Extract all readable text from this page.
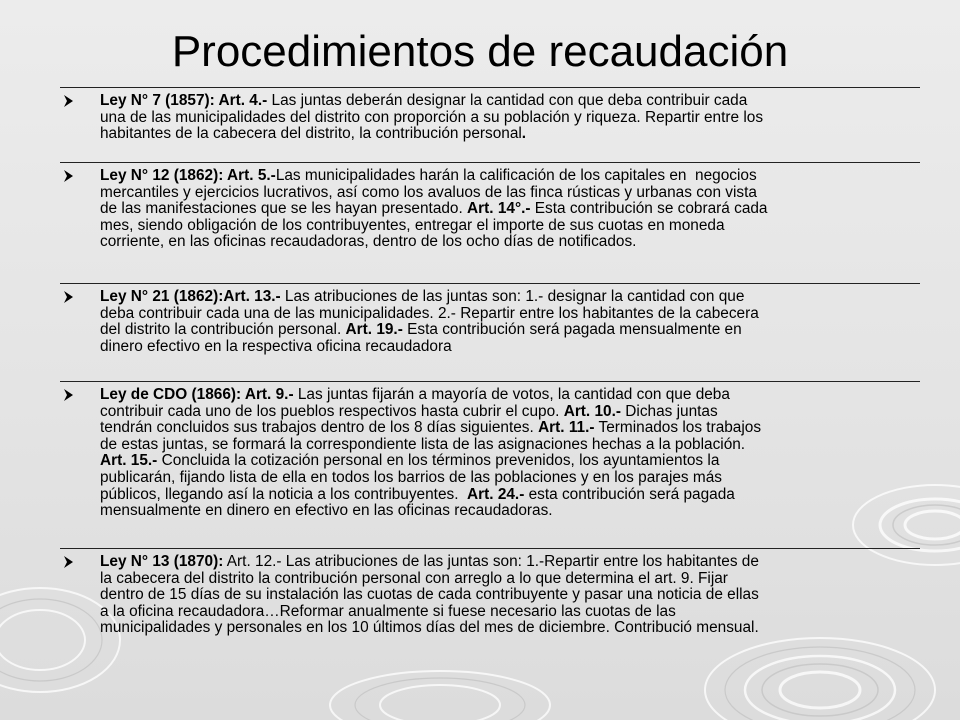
Procedimientos de recaudación
Ley N° 7 (1857): Art. 4.- Las juntas deberán designar la cantidad con que deba contribuir cada
una de las municipalidades del distrito con proporción a su población y riqueza. Repartir entre los
habitantes de la cabecera del distrito, la contribución personal.
Ley N° 12 (1862): Art. 5.-Las municipalidades harán la calificación de los capitales en  negocios
mercantiles y ejercicios lucrativos, así como los avaluos de las finca rústicas y urbanas con vista
de las manifestaciones que se les hayan presentado. Art. 14°.- Esta contribución se cobrará cada
mes, siendo obligación de los contribuyentes, entregar el importe de sus cuotas en moneda
corriente, en las oficinas recaudadoras, dentro de los ocho días de notificados.
Ley N° 21 (1862):Art. 13.- Las atribuciones de las juntas son: 1.- designar la cantidad con que
deba contribuir cada una de las municipalidades. 2.- Repartir entre los habitantes de la cabecera
del distrito la contribución personal. Art. 19.- Esta contribución será pagada mensualmente en
dinero efectivo en la respectiva oficina recaudadora
Ley de CDO (1866): Art. 9.- Las juntas fijarán a mayoría de votos, la cantidad con que deba
contribuir cada uno de los pueblos respectivos hasta cubrir el cupo. Art. 10.- Dichas juntas
tendrán concluidos sus trabajos dentro de los 8 días siguientes. Art. 11.- Terminados los trabajos
de estas juntas, se formará la correspondiente lista de las asignaciones hechas a la población.
Art. 15.- Concluida la cotización personal en los términos prevenidos, los ayuntamientos la
publicarán, fijando lista de ella en todos los barrios de las poblaciones y en los parajes más
públicos, llegando así la noticia a los contribuyentes.  Art. 24.- esta contribución será pagada
mensualmente en dinero en efectivo en las oficinas recaudadoras.
Ley N° 13 (1870): Art. 12.- Las atribuciones de las juntas son: 1.-Repartir entre los habitantes de
la cabecera del distrito la contribución personal con arreglo a lo que determina el art. 9. Fijar
dentro de 15 días de su instalación las cuotas de cada contribuyente y pasar una noticia de ellas
a la oficina recaudadora…Reformar anualmente si fuese necesario las cuotas de las
municipalidades y personales en los 10 últimos días del mes de diciembre. Contribució mensual.
